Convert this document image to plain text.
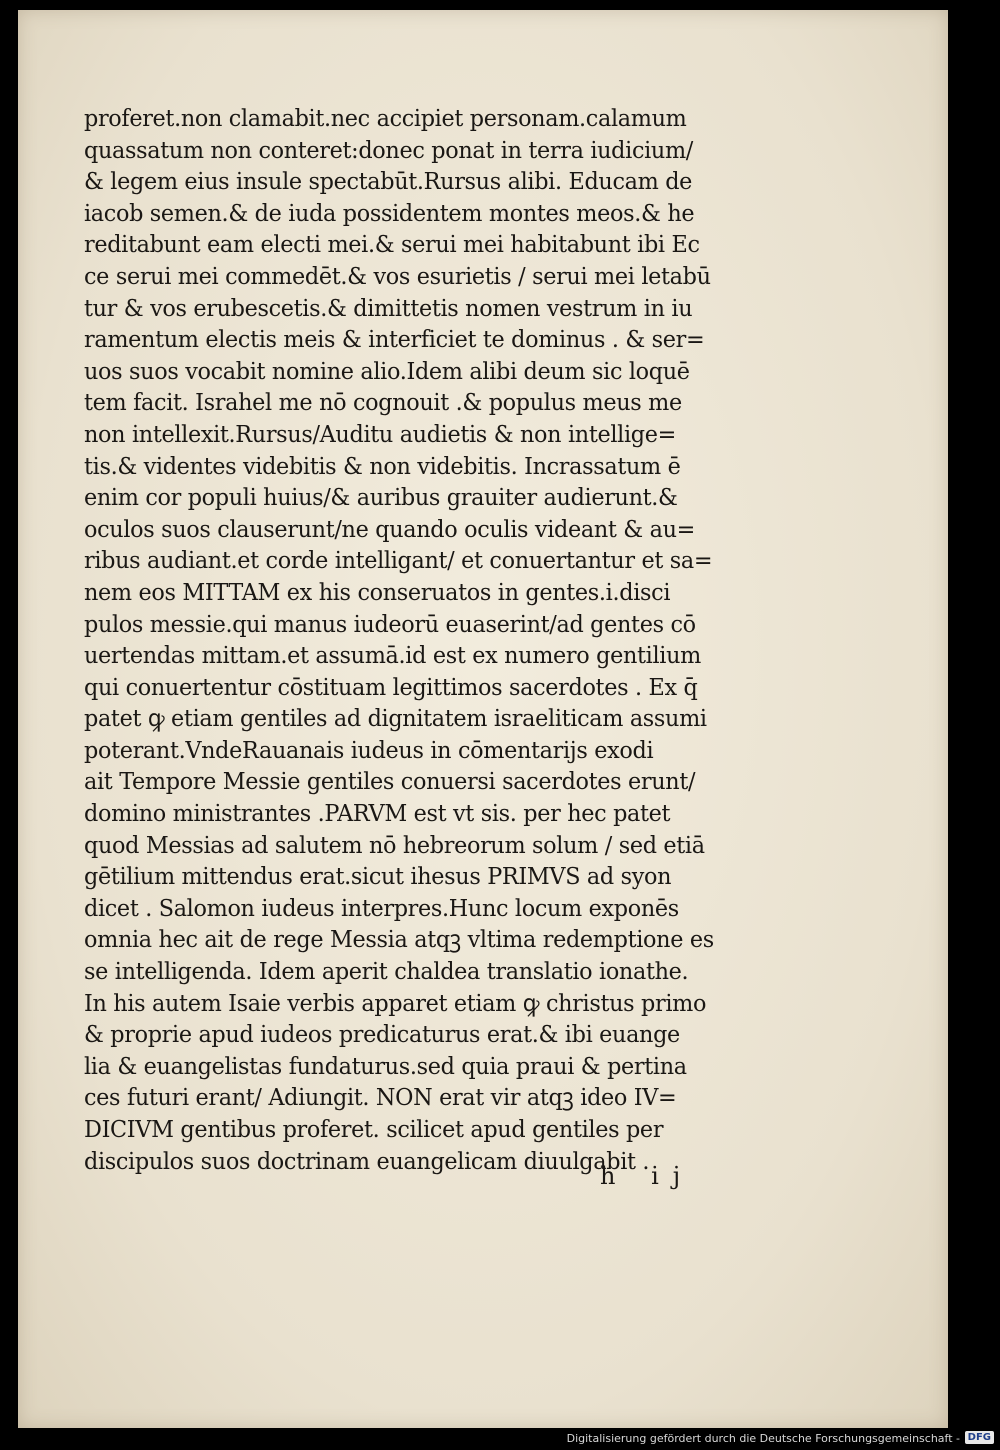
proferet.non clamabit.nec accipiet personam.calamum
quassatum non conteret:donec ponat in terra iudicium/
& legem eius insule spectabūt.Rursus alibi. Educam de
iacob semen.& de iuda possidentem montes meos.& he
reditabunt eam electi mei.& serui mei habitabunt ibi Ec
ce serui mei commedēt.& vos esurietis / serui mei letabū
tur & vos erubescetis.& dimittetis nomen vestrum in iu
ramentum electis meis & interficiet te dominus . & ser=
uos suos vocabit nomine alio.Idem alibi deum sic loquē
tem facit. Israhel me nō cognouit .& populus meus me
non intellexit.Rursus/Auditu audietis & non intellige=
tis.& videntes videbitis & non videbitis. Incrassatum ē
enim cor populi huius/& auribus grauiter audierunt.&
oculos suos clauserunt/ne quando oculis videant & au=
ribus audiant.et corde intelligant/ et conuertantur et sa=
nem eos MITTAM ex his conseruatos in gentes.i.disci
pulos messie.qui manus iudeorū euaserint/ad gentes cō
uertendas mittam.et assumā.id est ex numero gentilium
qui conuertentur cōstituam legittimos sacerdotes . Ex q̄
patet ꝙ etiam gentiles ad dignitatem israeliticam assumi
poterant.VndeRauanais iudeus in cōmentarijs exodi
ait Tempore Messie gentiles conuersi sacerdotes erunt/
domino ministrantes .PARVM est vt sis. per hec patet
quod Messias ad salutem nō hebreorum solum / sed etiā
gētilium mittendus erat.sicut ihesus PRIMVS ad syon
dicet . Salomon iudeus interpres.Hunc locum exponēs
omnia hec ait de rege Messia atqꝫ vltima redemptione es
se intelligenda. Idem aperit chaldea translatio ionathe.
In his autem Isaie verbis apparet etiam ꝙ christus primo
& proprie apud iudeos predicaturus erat.& ibi euange
lia & euangelistas fundaturus.sed quia praui & pertina
ces futuri erant/ Adiungit. NON erat vir atqꝫ ideo IV=
DICIVM gentibus proferet. scilicet apud gentiles per
discipulos suos doctrinam euangelicam diuulgabit .
h ij
Digitalisierung gefördert durch die Deutsche Forschungsgemeinschaft - DFG
